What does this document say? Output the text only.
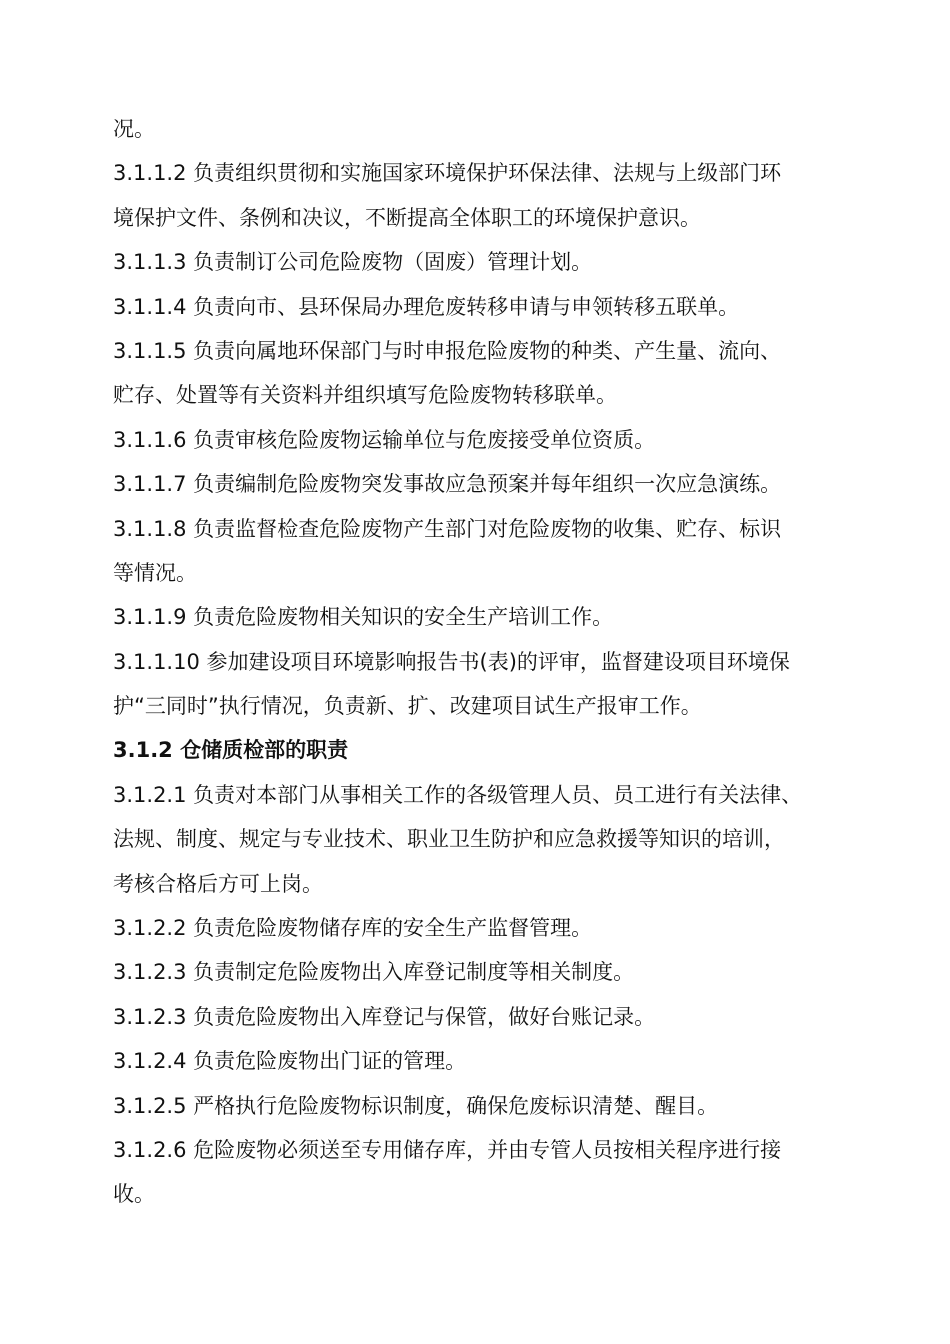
况。
3.1.1.2 负责组织贯彻和实施国家环境保护环保法律、法规与上级部门环
境保护文件、条例和决议，不断提高全体职工的环境保护意识。
3.1.1.3 负责制订公司危险废物（固废）管理计划。
3.1.1.4 负责向市、县环保局办理危废转移申请与申领转移五联单。
3.1.1.5 负责向属地环保部门与时申报危险废物的种类、产生量、流向、
贮存、处置等有关资料并组织填写危险废物转移联单。
3.1.1.6 负责审核危险废物运输单位与危废接受单位资质。
3.1.1.7 负责编制危险废物突发事故应急预案并每年组织一次应急演练。
3.1.1.8 负责监督检查危险废物产生部门对危险废物的收集、贮存、标识
等情况。
3.1.1.9 负责危险废物相关知识的安全生产培训工作。
3.1.1.10 参加建设项目环境影响报告书(表)的评审，监督建设项目环境保
护“三同时”执行情况，负责新、扩、改建项目试生产报审工作。
3.1.2 仓储质检部的职责
3.1.2.1 负责对本部门从事相关工作的各级管理人员、员工进行有关法律、
法规、制度、规定与专业技术、职业卫生防护和应急救援等知识的培训，
考核合格后方可上岗。
3.1.2.2 负责危险废物储存库的安全生产监督管理。
3.1.2.3 负责制定危险废物出入库登记制度等相关制度。
3.1.2.3 负责危险废物出入库登记与保管，做好台账记录。
3.1.2.4 负责危险废物出门证的管理。
3.1.2.5 严格执行危险废物标识制度，确保危废标识清楚、醒目。
3.1.2.6 危险废物必须送至专用储存库，并由专管人员按相关程序进行接
收。
